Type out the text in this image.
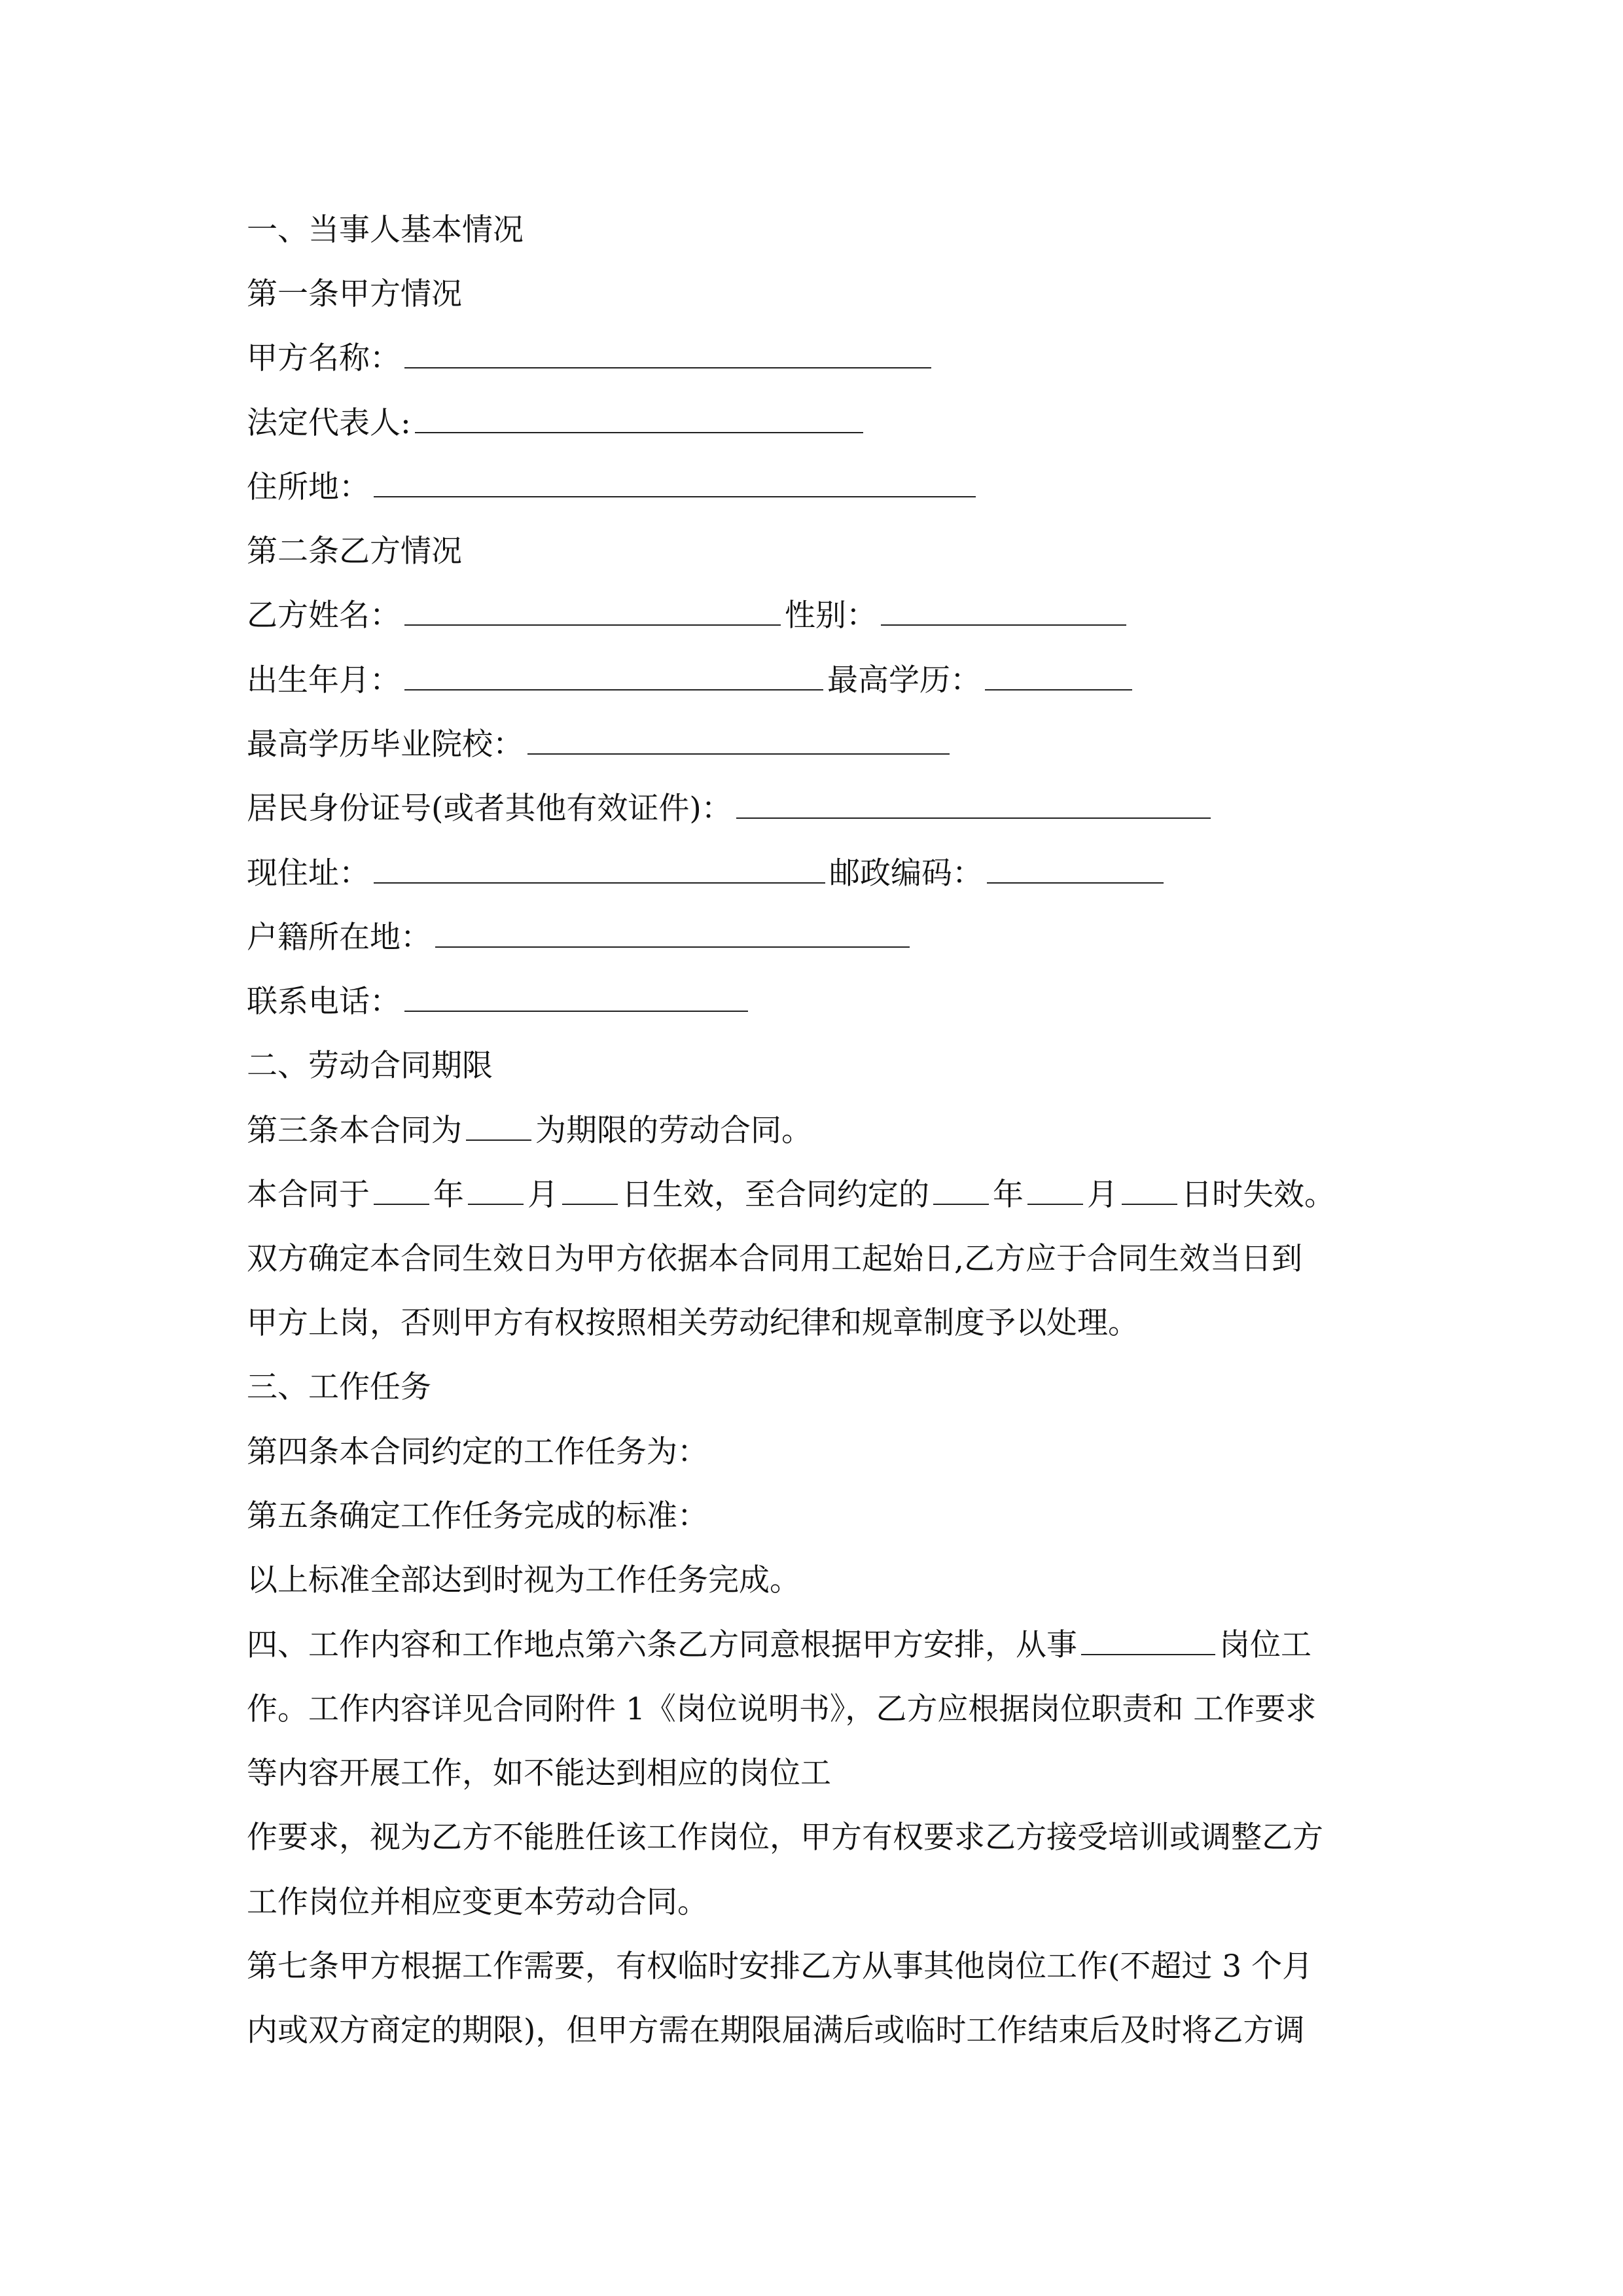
一、当事人基本情况
第一条甲方情况
甲方名称：
法定代表人:
住所地：
第二条乙方情况
乙方姓名：	性别：
出生年月：	最高学历：
最高学历毕业院校：
居民身份证号(或者其他有效证件)：
现住址：	邮政编码：
户籍所在地：
联系电话：
二、劳动合同期限
第三条本合同为 为期限的劳动合同。
本合同于 年 月 日生效，至合同约定的 年 月 日时失效。
双方确定本合同生效日为甲方依据本合同用工起始日,乙方应于合同生效当日到
甲方上岗，否则甲方有权按照相关劳动纪律和规章制度予以处理。
三、工作任务
第四条本合同约定的工作任务为：
第五条确定工作任务完成的标准：
以上标准全部达到时视为工作任务完成。
四、工作内容和工作地点第六条乙方同意根据甲方安排，从事	岗位工
作。工作内容详见合同附件 1《岗位说明书》，乙方应根据岗位职责和 工作要求
等内容开展工作，如不能达到相应的岗位工
作要求，视为乙方不能胜任该工作岗位，甲方有权要求乙方接受培训或调整乙方
工作岗位并相应变更本劳动合同。
第七条甲方根据工作需要，有权临时安排乙方从事其他岗位工作(不超过 3 个月
内或双方商定的期限)，但甲方需在期限届满后或临时工作结束后及时将乙方调
